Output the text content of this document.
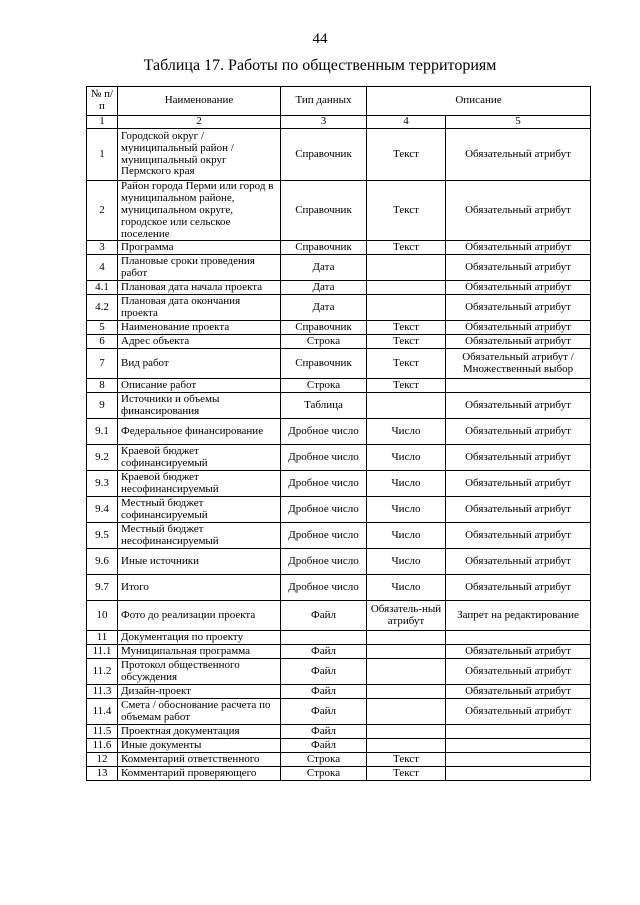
44
Таблица 17. Работы по общественным территориям
№ п/п	Наименование	Тип данных	Описание	
1	2	3	4	5
1	Городской округ / муниципальный район / муниципальный округ Пермского края	Справочник	Текст	Обязательный атрибут
2	Район города Перми или город в муниципальном районе, муниципальном округе, городское или сельское поселение	Справочник	Текст	Обязательный атрибут
3	Программа	Справочник	Текст	Обязательный атрибут
4	Плановые сроки проведения работ	Дата		Обязательный атрибут
4.1	Плановая дата начала проекта	Дата		Обязательный атрибут
4.2	Плановая дата окончания проекта	Дата		Обязательный атрибут
5	Наименование проекта	Справочник	Текст	Обязательный атрибут
6	Адрес объекта	Строка	Текст	Обязательный атрибут
7	Вид работ	Справочник	Текст	Обязательный атрибут / Множественный выбор
8	Описание работ	Строка	Текст	
9	Источники и объемы финансирования	Таблица		Обязательный атрибут
9.1	Федеральное финансирование	Дробное число	Число	Обязательный атрибут
9.2	Краевой бюджет софинансируемый	Дробное число	Число	Обязательный атрибут
9.3	Краевой бюджет несофинансируемый	Дробное число	Число	Обязательный атрибут
9.4	Местный бюджет софинансируемый	Дробное число	Число	Обязательный атрибут
9.5	Местный бюджет несофинансируемый	Дробное число	Число	Обязательный атрибут
9.6	Иные источники	Дробное число	Число	Обязательный атрибут
9.7	Итого	Дробное число	Число	Обязательный атрибут
10	Фото до реализации проекта	Файл	Обязатель-ный атрибут	Запрет на редактирование
11	Документация по проекту			
11.1	Муниципальная программа	Файл		Обязательный атрибут
11.2	Протокол общественного обсуждения	Файл		Обязательный атрибут
11.3	Дизайн-проект	Файл		Обязательный атрибут
11.4	Смета / обоснование расчета по объемам работ	Файл		Обязательный атрибут
11.5	Проектная документация	Файл		
11.6	Иные документы	Файл		
12	Комментарий ответственного	Строка	Текст	
13	Комментарий проверяющего	Строка	Текст	
